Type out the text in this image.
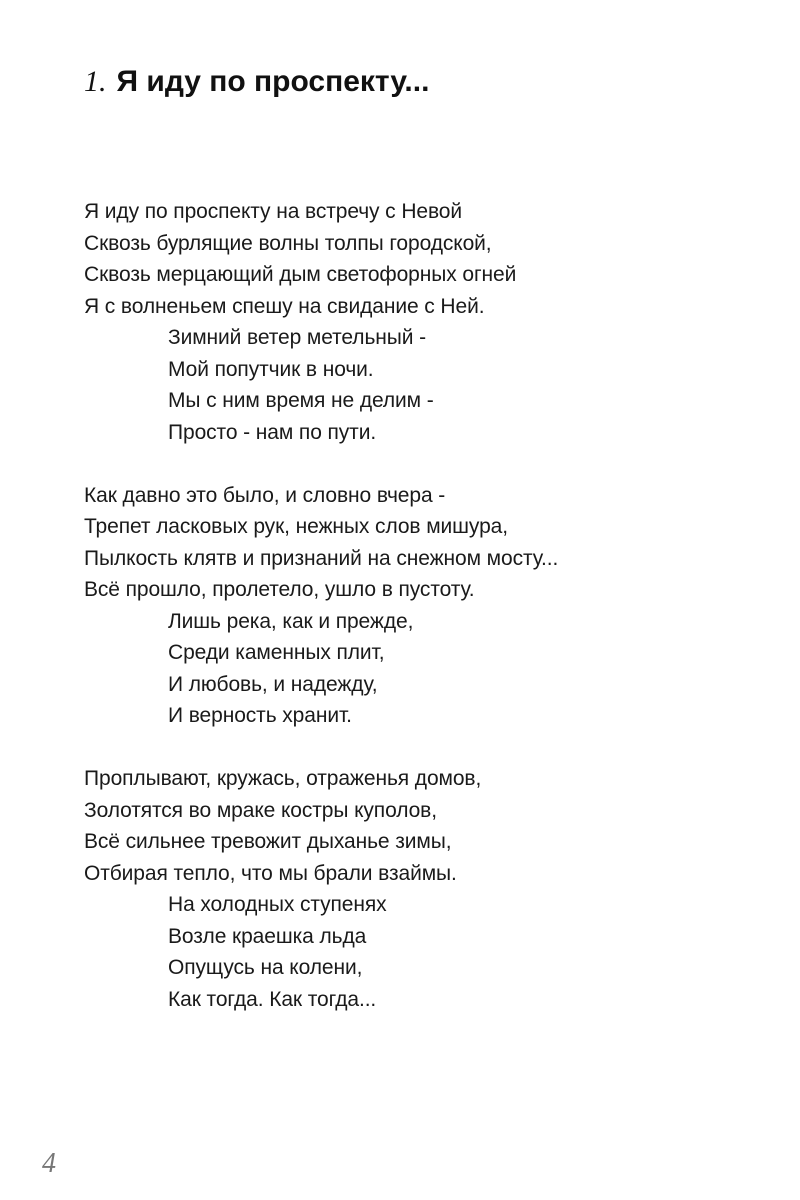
1. Я иду по проспекту...
Я иду по проспекту на встречу с Невой
Сквозь бурлящие волны толпы городской,
Сквозь мерцающий дым светофорных огней
Я с волненьем спешу на свидание с Ней.
Зимний ветер метельный -
Мой попутчик в ночи.
Мы с ним время не делим -
Просто - нам по пути.
Как давно это было, и словно вчера -
Трепет ласковых рук, нежных слов мишура,
Пылкость клятв и признаний на снежном мосту...
Всё прошло, пролетело, ушло в пустоту.
Лишь река, как и прежде,
Среди каменных плит,
И любовь, и надежду,
И верность хранит.
Проплывают, кружась, отраженья домов,
Золотятся во мраке костры куполов,
Всё сильнее тревожит дыханье зимы,
Отбирая тепло, что мы брали взаймы.
На холодных ступенях
Возле краешка льда
Опущусь на колени,
Как тогда. Как тогда...
4
